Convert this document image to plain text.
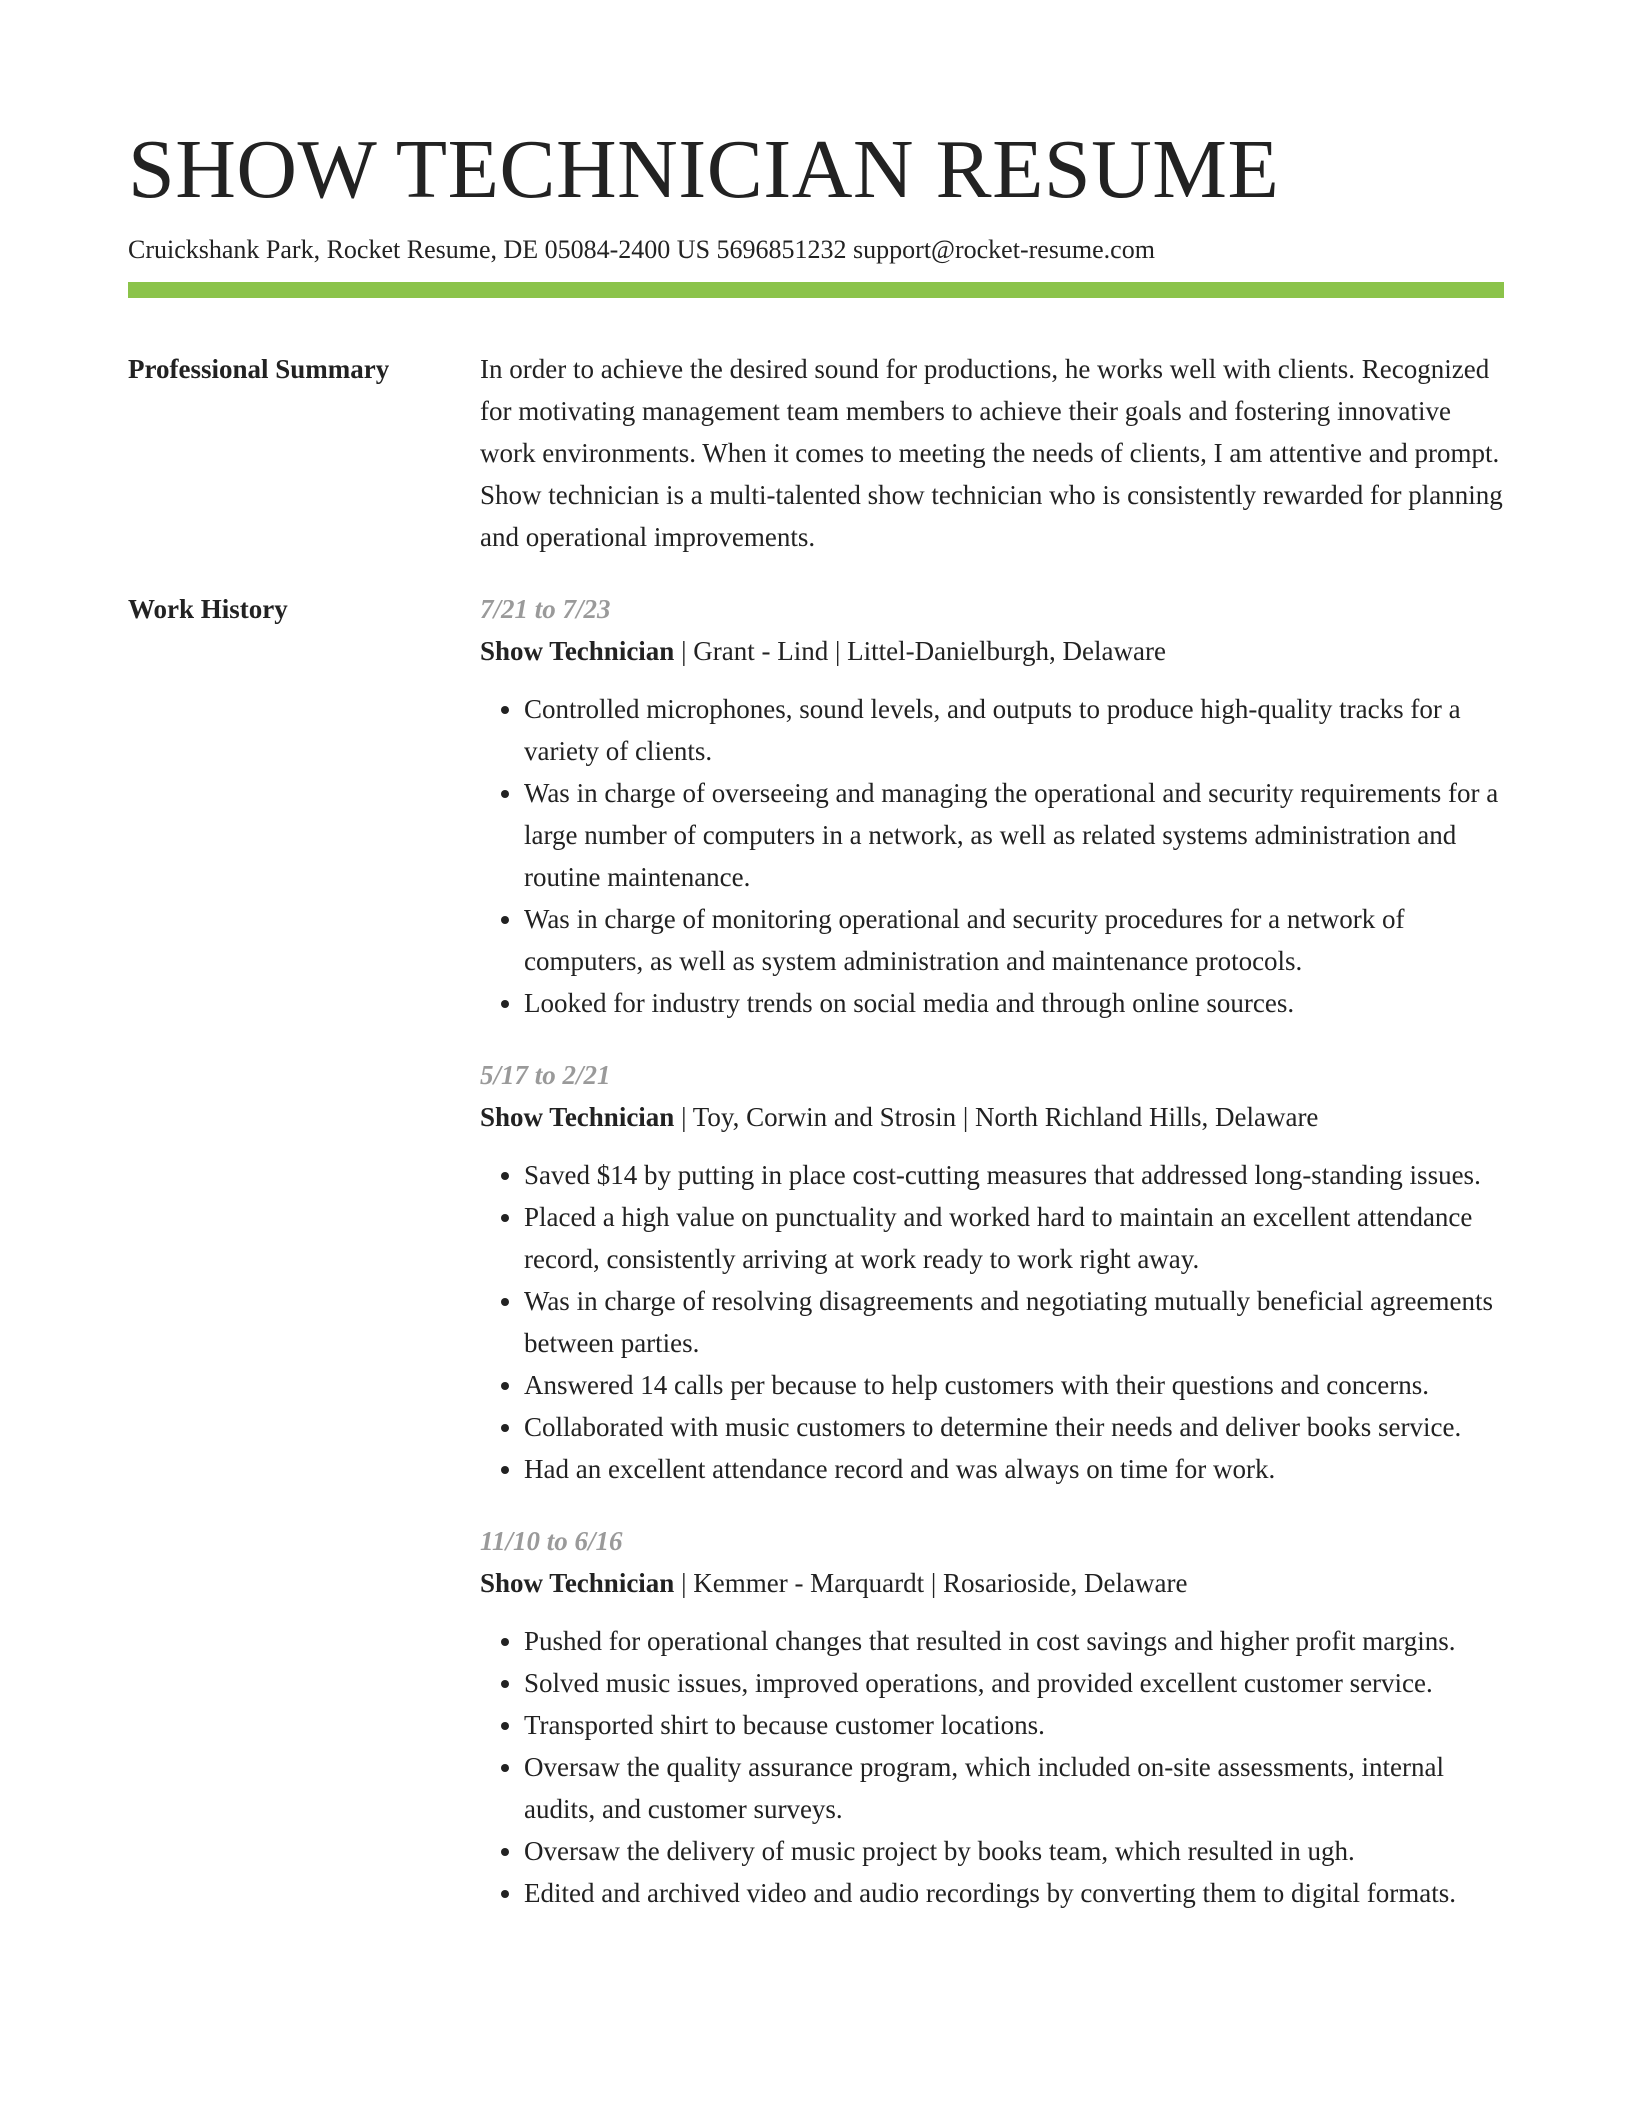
SHOW TECHNICIAN RESUME
Cruickshank Park, Rocket Resume, DE 05084-2400 US 5696851232 support@rocket-resume.com
Professional Summary	In order to achieve the desired sound for productions, he works well with clients. Recognized for motivating management team members to achieve their goals and fostering innovative work environments. When it comes to meeting the needs of clients, I am attentive and prompt. Show technician is a multi-talented show technician who is consistently rewarded for planning and operational improvements.

Work History	7/21 to 7/23
Show Technician | Grant - Lind | Littel-Danielburgh, Delaware
• Controlled microphones, sound levels, and outputs to produce high-quality tracks for a variety of clients.
• Was in charge of overseeing and managing the operational and security requirements for a large number of computers in a network, as well as related systems administration and routine maintenance.
• Was in charge of monitoring operational and security procedures for a network of computers, as well as system administration and maintenance protocols.
• Looked for industry trends on social media and through online sources.
5/17 to 2/21
Show Technician | Toy, Corwin and Strosin | North Richland Hills, Delaware
• Saved $14 by putting in place cost-cutting measures that addressed long-standing issues.
• Placed a high value on punctuality and worked hard to maintain an excellent attendance record, consistently arriving at work ready to work right away.
• Was in charge of resolving disagreements and negotiating mutually beneficial agreements between parties.
• Answered 14 calls per because to help customers with their questions and concerns.
• Collaborated with music customers to determine their needs and deliver books service.
• Had an excellent attendance record and was always on time for work.
11/10 to 6/16
Show Technician | Kemmer - Marquardt | Rosarioside, Delaware
• Pushed for operational changes that resulted in cost savings and higher profit margins.
• Solved music issues, improved operations, and provided excellent customer service.
• Transported shirt to because customer locations.
• Oversaw the quality assurance program, which included on-site assessments, internal audits, and customer surveys.
• Oversaw the delivery of music project by books team, which resulted in ugh.
• Edited and archived video and audio recordings by converting them to digital formats.
